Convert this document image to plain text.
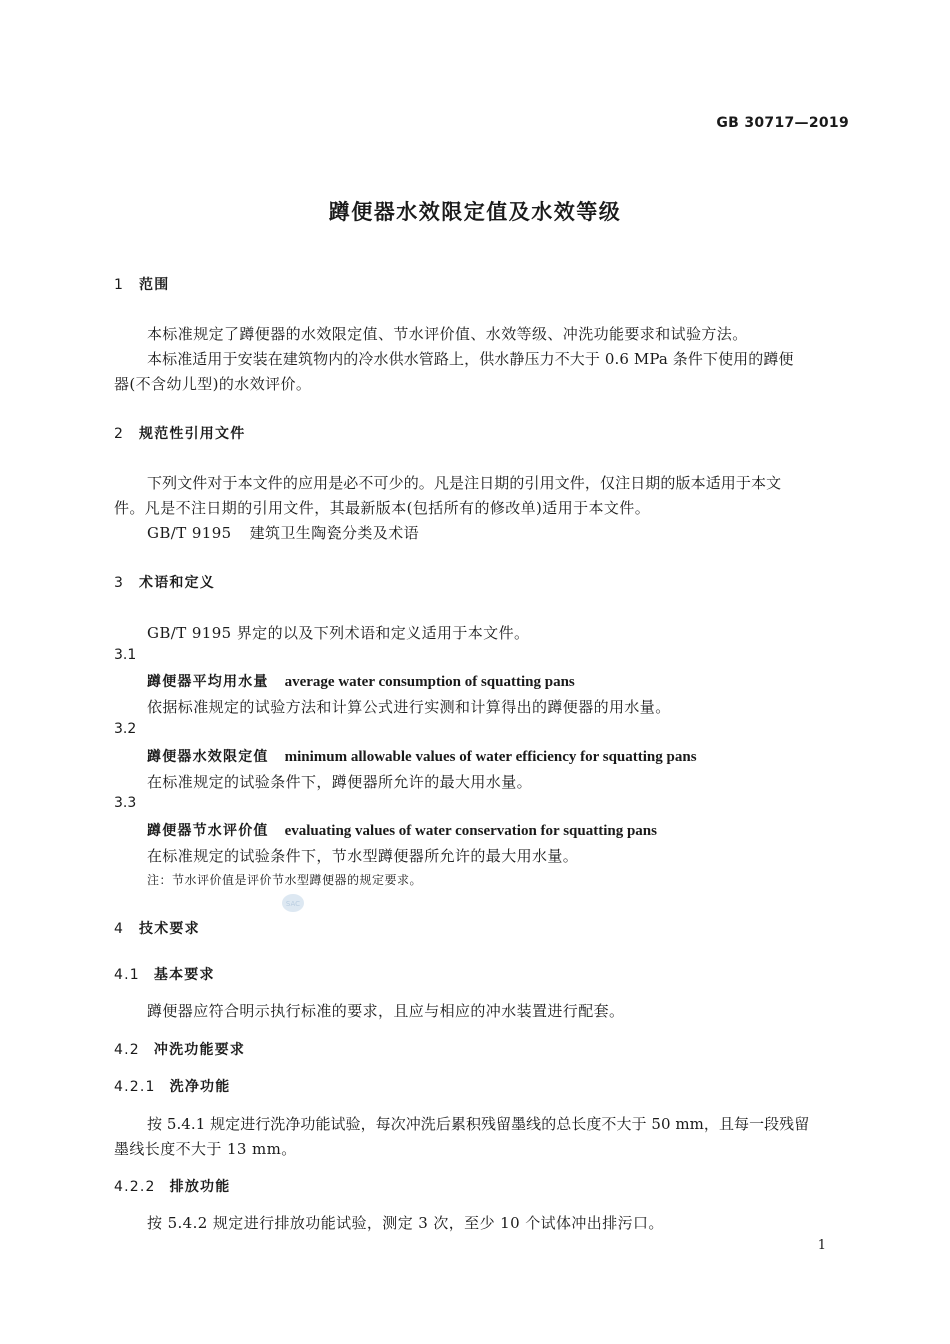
GB 30717—2019
蹲便器水效限定值及水效等级
1 范围
本标准规定了蹲便器的水效限定值、节水评价值、水效等级、冲洗功能要求和试验方法。
本标准适用于安装在建筑物内的冷水供水管路上，供水静压力不大于 0.6 MPa 条件下使用的蹲便
器(不含幼儿型)的水效评价。
2 规范性引用文件
下列文件对于本文件的应用是必不可少的。凡是注日期的引用文件，仅注日期的版本适用于本文
件。凡是不注日期的引用文件，其最新版本(包括所有的修改单)适用于本文件。
GB/T 9195 建筑卫生陶瓷分类及术语
3 术语和定义
GB/T 9195 界定的以及下列术语和定义适用于本文件。
3.1
蹲便器平均用水量 average water consumption of squatting pans
依据标准规定的试验方法和计算公式进行实测和计算得出的蹲便器的用水量。
3.2
蹲便器水效限定值 minimum allowable values of water efficiency for squatting pans
在标准规定的试验条件下，蹲便器所允许的最大用水量。
3.3
蹲便器节水评价值 evaluating values of water conservation for squatting pans
在标准规定的试验条件下，节水型蹲便器所允许的最大用水量。
注：节水评价值是评价节水型蹲便器的规定要求。
SAC
4 技术要求
4.1 基本要求
蹲便器应符合明示执行标准的要求，且应与相应的冲水装置进行配套。
4.2 冲洗功能要求
4.2.1 洗净功能
按 5.4.1 规定进行洗净功能试验，每次冲洗后累积残留墨线的总长度不大于 50 mm，且每一段残留
墨线长度不大于 13 mm。
4.2.2 排放功能
按 5.4.2 规定进行排放功能试验，测定 3 次，至少 10 个试体冲出排污口。
1
